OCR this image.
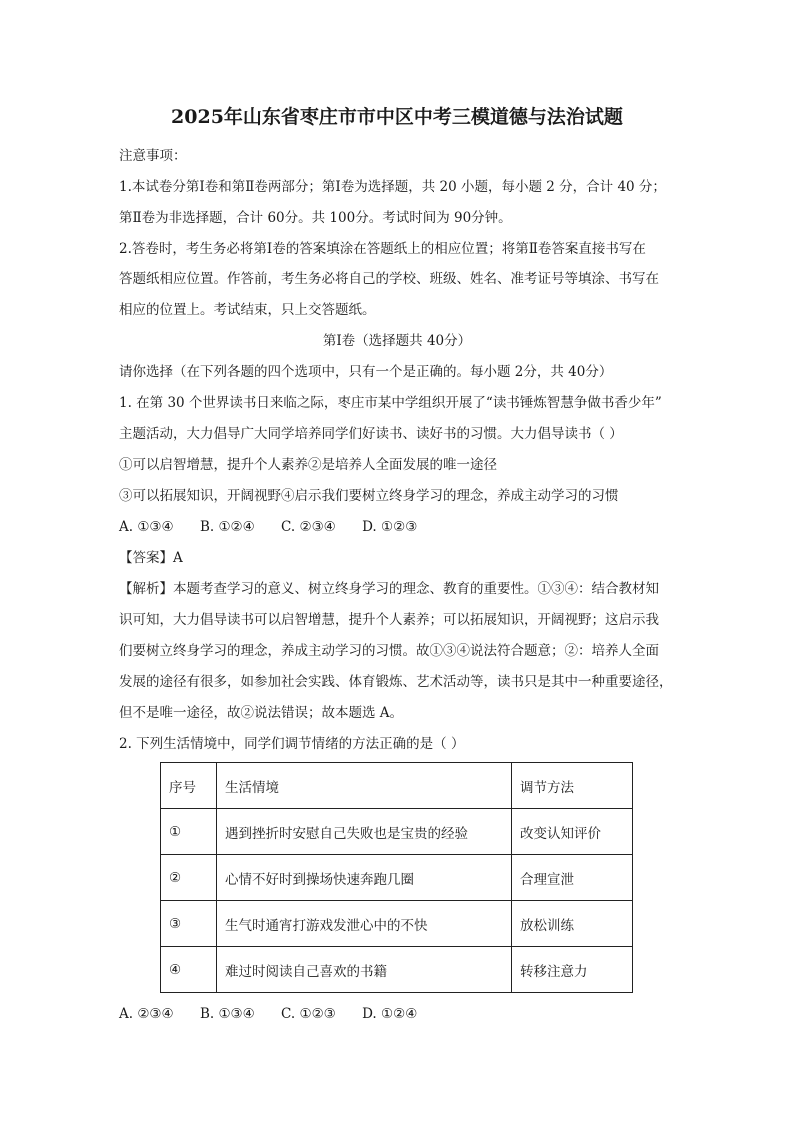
2025年山东省枣庄市市中区中考三模道德与法治试题
注意事项：
1.本试卷分第Ⅰ卷和第Ⅱ卷两部分；第Ⅰ卷为选择题，共 20 小题，每小题 2 分，合计 40 分；
第Ⅱ卷为非选择题，合计 60分。共 100分。考试时间为 90分钟。
2.答卷时，考生务必将第Ⅰ卷的答案填涂在答题纸上的相应位置；将第Ⅱ卷答案直接书写在
答题纸相应位置。作答前，考生务必将自己的学校、班级、姓名、准考证号等填涂、书写在
相应的位置上。考试结束，只上交答题纸。
第Ⅰ卷（选择题共 40分）
请你选择（在下列各题的四个选项中，只有一个是正确的。每小题 2分，共 40分）
1. 在第 30 个世界读书日来临之际，枣庄市某中学组织开展了“读书锤炼智慧争做书香少年”
主题活动，大力倡导广大同学培养同学们好读书、读好书的习惯。大力倡导读书（ ）
①可以启智增慧，提升个人素养②是培养人全面发展的唯一途径
③可以拓展知识，开阔视野④启示我们要树立终身学习的理念，养成主动学习的习惯
A. ①③④ B. ①②④ C. ②③④ D. ①②③
【答案】A
【解析】本题考查学习的意义、树立终身学习的理念、教育的重要性。①③④：结合教材知
识可知，大力倡导读书可以启智增慧，提升个人素养；可以拓展知识，开阔视野；这启示我
们要树立终身学习的理念，养成主动学习的习惯。故①③④说法符合题意；②：培养人全面
发展的途径有很多，如参加社会实践、体育锻炼、艺术活动等，读书只是其中一种重要途径，
但不是唯一途径，故②说法错误；故本题选 A。
2. 下列生活情境中，同学们调节情绪的方法正确的是（ ）
序号	生活情境	调节方法
①	遇到挫折时安慰自己失败也是宝贵的经验	改变认知评价
②	心情不好时到操场快速奔跑几圈	合理宣泄
③	生气时通宵打游戏发泄心中的不快	放松训练
④	难过时阅读自己喜欢的书籍	转移注意力
A. ②③④ B. ①③④ C. ①②③ D. ①②④
